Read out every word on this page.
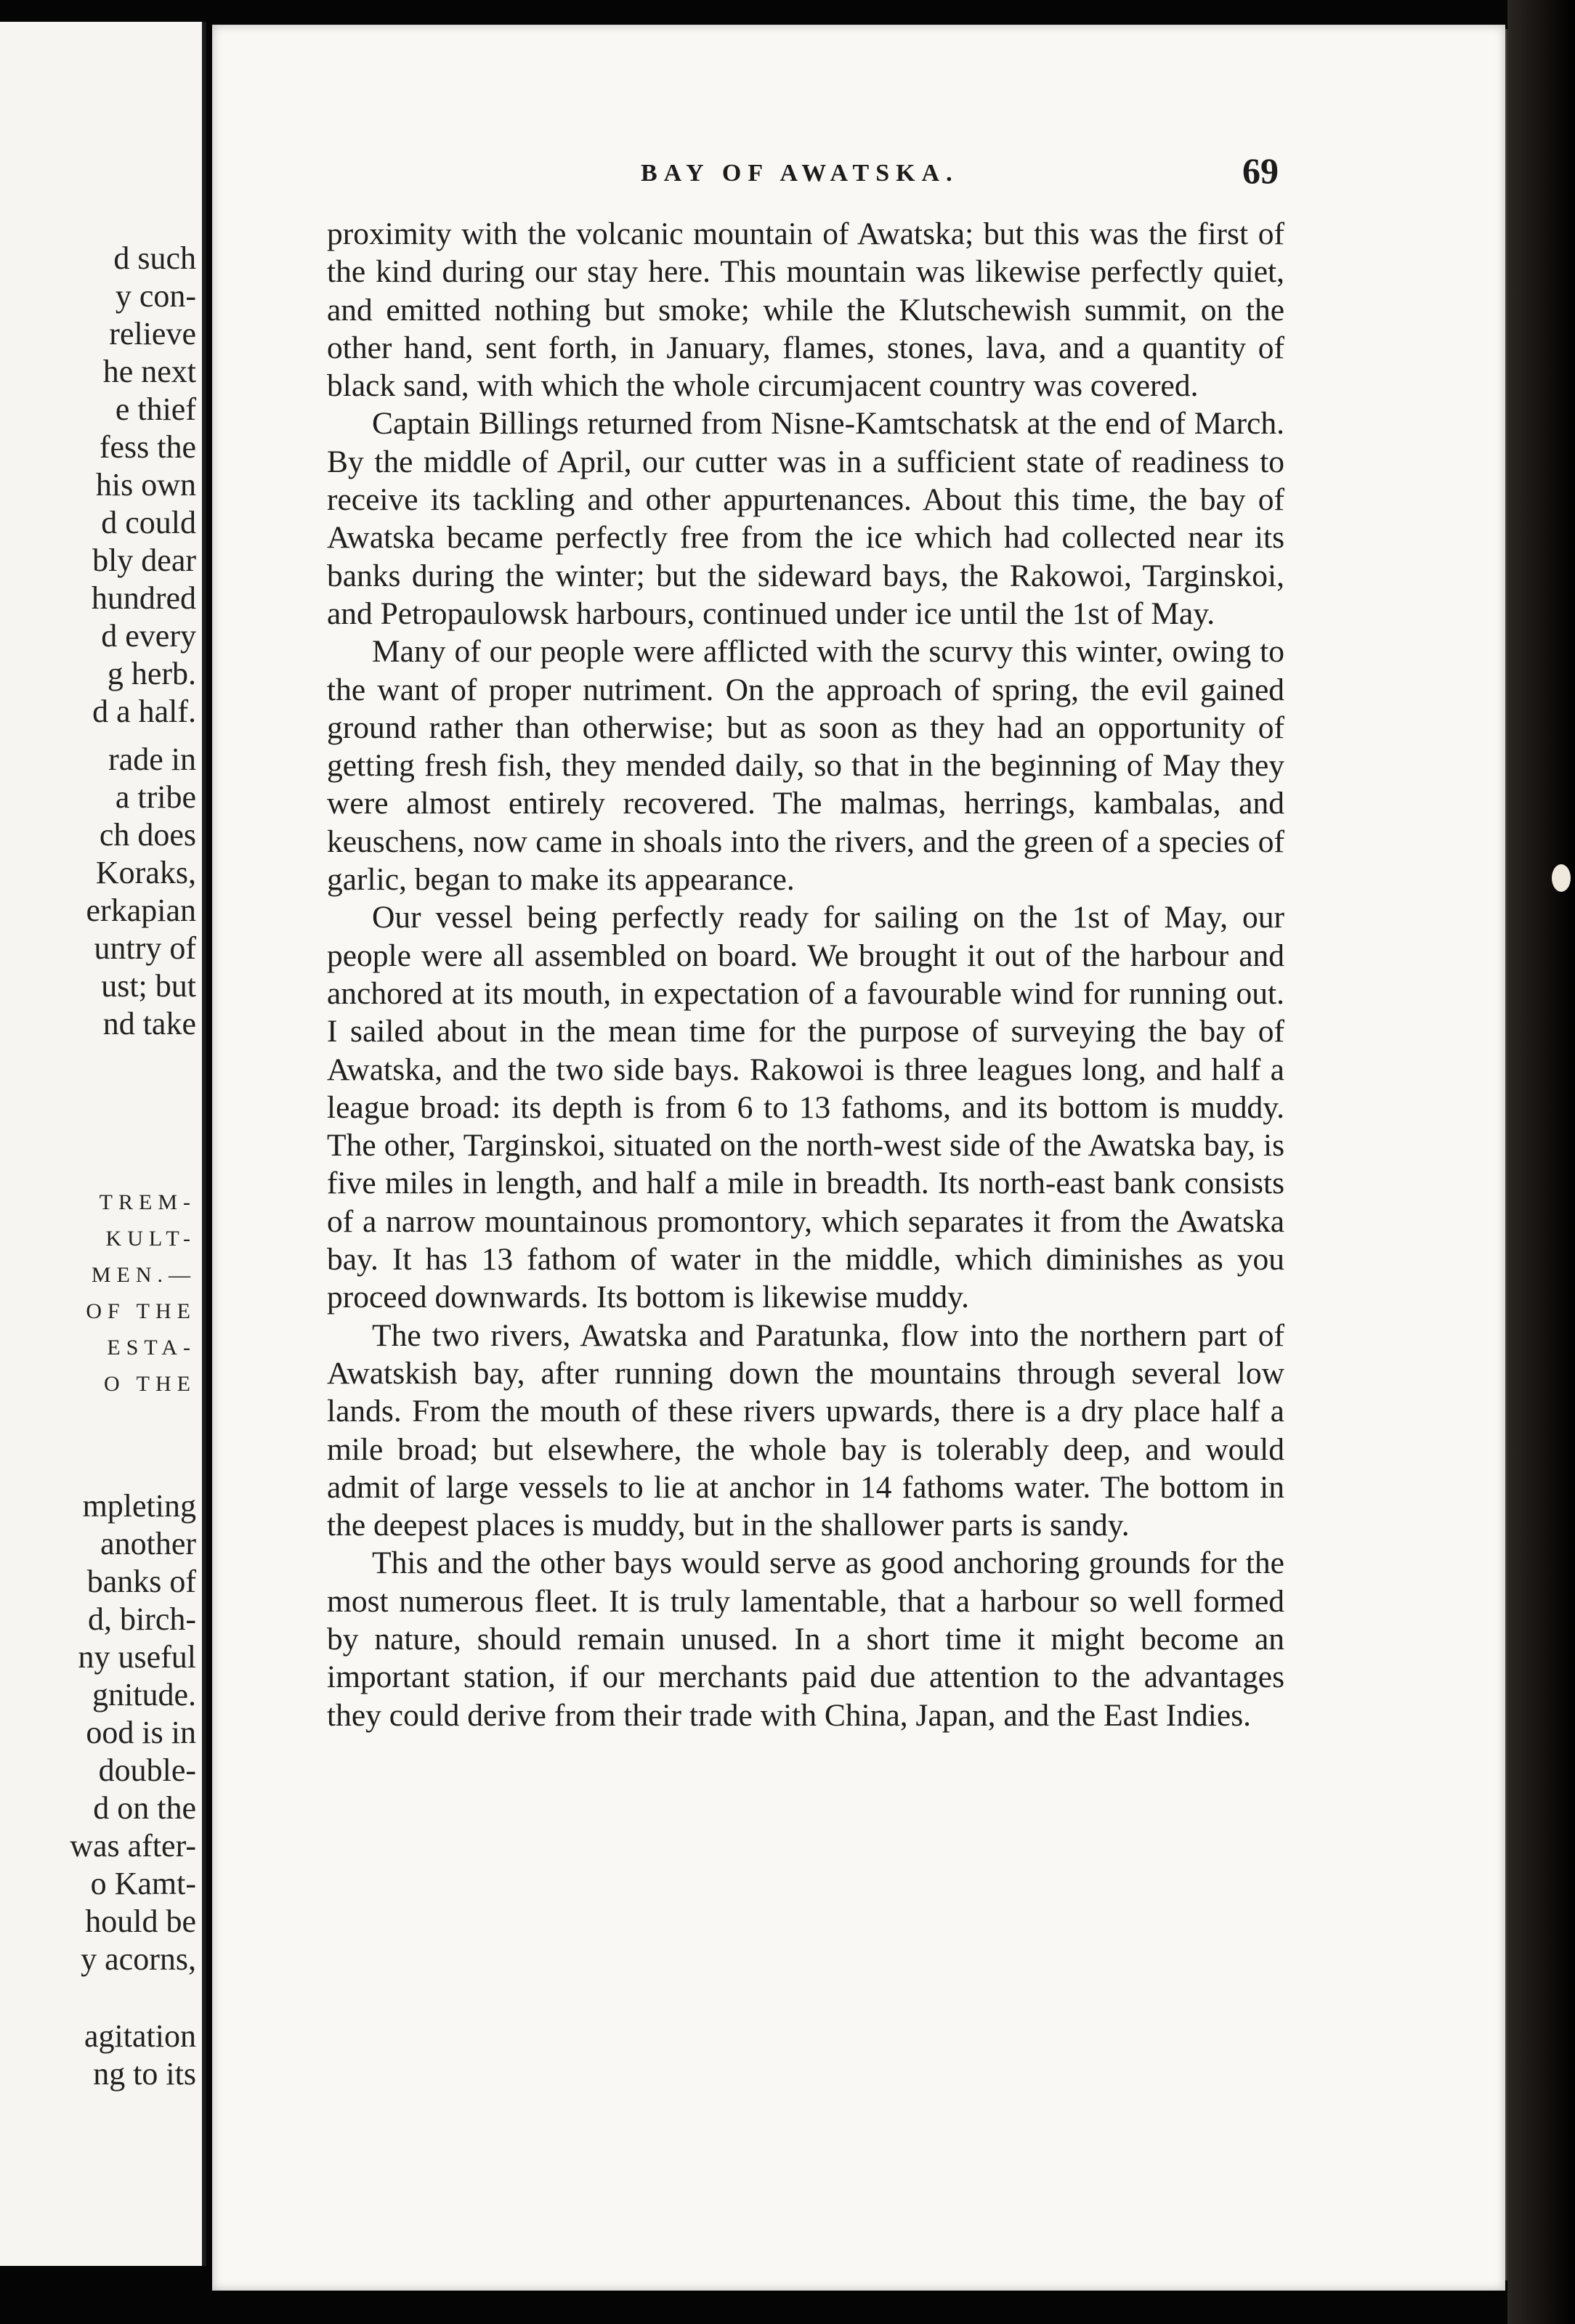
d such
y con-
relieve
he next
e thief
fess the
his own
d could
bly dear
hundred
d every
g herb.
d a half.
rade in
a tribe
ch does
Koraks,
erkapian
untry of
ust; but
nd take
TREM-
KULT-
MEN.—
OF THE
ESTA-
O THE
mpleting
another
banks of
d, birch-
ny useful
gnitude.
ood is in
double-
d on the
was after-
o Kamt-
hould be
y acorns,
agitation
ng to its
BAY OF AWATSKA.	69

proximity with the volcanic mountain of Awatska; but this was the first of the kind during our stay here. This mountain was likewise perfectly quiet, and emitted nothing but smoke; while the Klutschewish summit, on the other hand, sent forth, in January, flames, stones, lava, and a quantity of black sand, with which the whole circumjacent country was covered.

Captain Billings returned from Nisne-Kamtschatsk at the end of March. By the middle of April, our cutter was in a sufficient state of readiness to receive its tackling and other appurtenances. About this time, the bay of Awatska became perfectly free from the ice which had collected near its banks during the winter; but the sideward bays, the Rakowoi, Targinskoi, and Petropaulowsk harbours, continued under ice until the 1st of May.

Many of our people were afflicted with the scurvy this winter, owing to the want of proper nutriment. On the approach of spring, the evil gained ground rather than otherwise; but as soon as they had an opportunity of getting fresh fish, they mended daily, so that in the beginning of May they were almost entirely recovered. The malmas, herrings, kambalas, and keuschens, now came in shoals into the rivers, and the green of a species of garlic, began to make its appearance.

Our vessel being perfectly ready for sailing on the 1st of May, our people were all assembled on board. We brought it out of the harbour and anchored at its mouth, in expectation of a favourable wind for running out. I sailed about in the mean time for the purpose of surveying the bay of Awatska, and the two side bays. Rakowoi is three leagues long, and half a league broad: its depth is from 6 to 13 fathoms, and its bottom is muddy. The other, Targinskoi, situated on the north-west side of the Awatska bay, is five miles in length, and half a mile in breadth. Its north-east bank consists of a narrow mountainous promontory, which separates it from the Awatska bay. It has 13 fathom of water in the middle, which diminishes as you proceed downwards. Its bottom is likewise muddy.

The two rivers, Awatska and Paratunka, flow into the northern part of Awatskish bay, after running down the mountains through several low lands. From the mouth of these rivers upwards, there is a dry place half a mile broad; but elsewhere, the whole bay is tolerably deep, and would admit of large vessels to lie at anchor in 14 fathoms water. The bottom in the deepest places is muddy, but in the shallower parts is sandy.

This and the other bays would serve as good anchoring grounds for the most numerous fleet. It is truly lamentable, that a harbour so well formed by nature, should remain unused. In a short time it might become an important station, if our merchants paid due attention to the advantages they could derive from their trade with China, Japan, and the East Indies.
